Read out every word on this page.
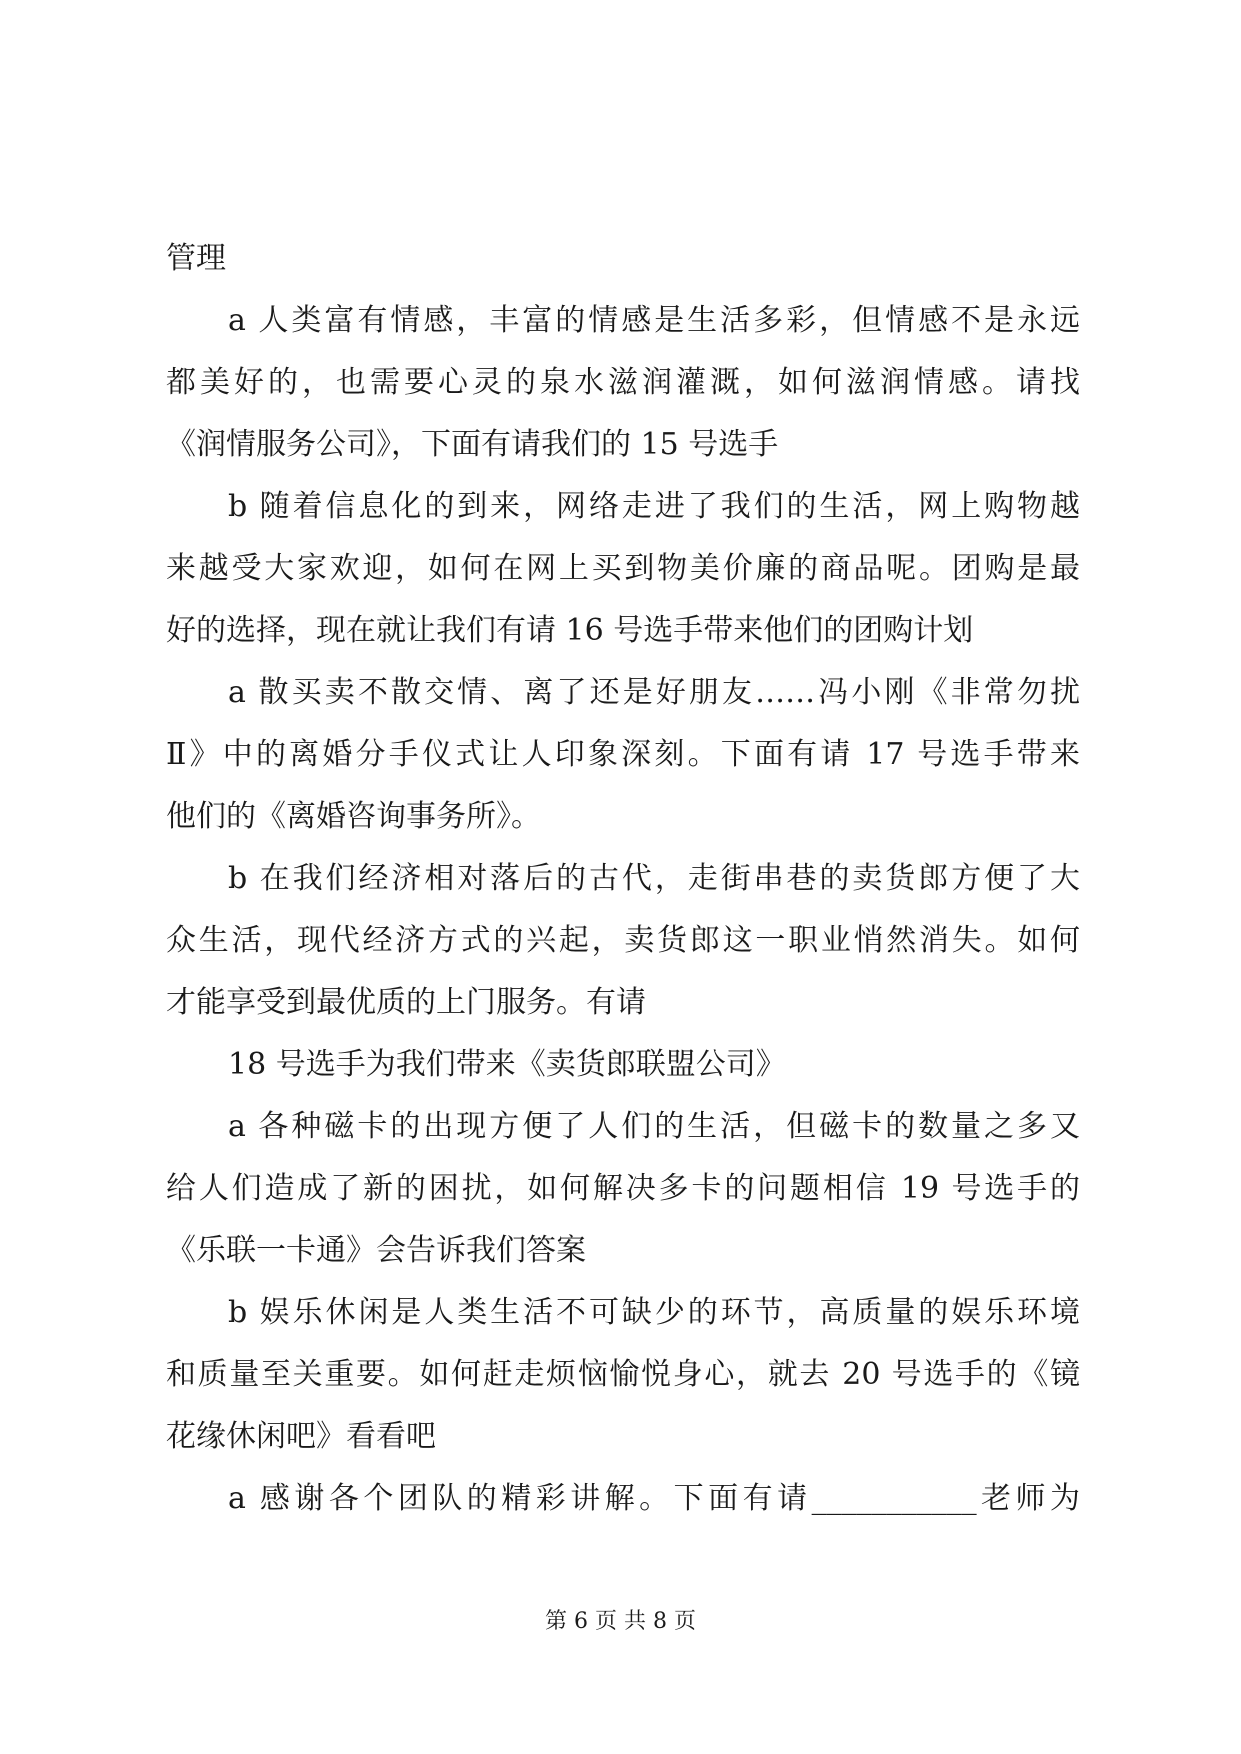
管理
a 人类富有情感，丰富的情感是生活多彩，但情感不是永远
都美好的，也需要心灵的泉水滋润灌溉，如何滋润情感。请找
《润情服务公司》，下面有请我们的 15 号选手
b 随着信息化的到来，网络走进了我们的生活，网上购物越
来越受大家欢迎，如何在网上买到物美价廉的商品呢。团购是最
好的选择，现在就让我们有请 16 号选手带来他们的团购计划
a 散买卖不散交情、离了还是好朋友……冯小刚《非常勿扰
Ⅱ》中的离婚分手仪式让人印象深刻。下面有请 17 号选手带来
他们的《离婚咨询事务所》。
b 在我们经济相对落后的古代，走街串巷的卖货郎方便了大
众生活，现代经济方式的兴起，卖货郎这一职业悄然消失。如何
才能享受到最优质的上门服务。有请
18 号选手为我们带来《卖货郎联盟公司》
a 各种磁卡的出现方便了人们的生活，但磁卡的数量之多又
给人们造成了新的困扰，如何解决多卡的问题相信 19 号选手的
《乐联一卡通》会告诉我们答案
b 娱乐休闲是人类生活不可缺少的环节，高质量的娱乐环境
和质量至关重要。如何赶走烦恼愉悦身心，就去 20 号选手的《镜
花缘休闲吧》看看吧
a 感谢各个团队的精彩讲解。下面有请___________老师为
第 6 页 共 8 页
